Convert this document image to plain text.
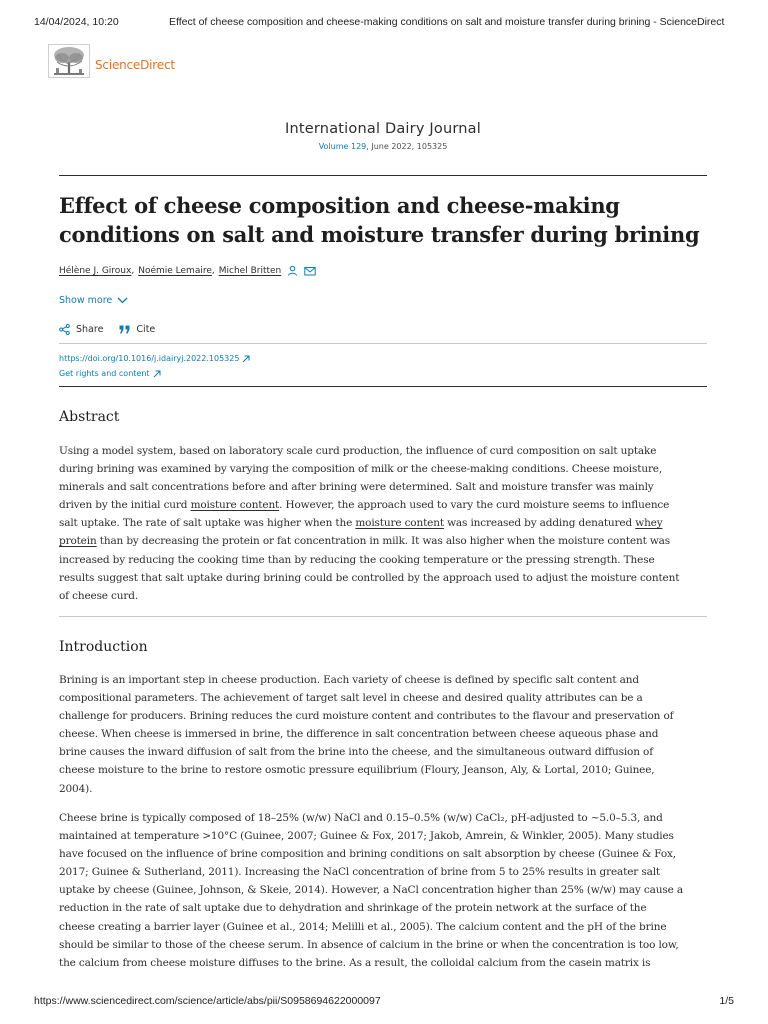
14/04/2024, 10:20	Effect of cheese composition and cheese-making conditions on salt and moisture transfer during brining - ScienceDirect
ScienceDirect
International Dairy Journal
Volume 129, June 2022, 105325
Effect of cheese composition and cheese-making
conditions on salt and moisture transfer during brining
Hélène J. Giroux , Noémie Lemaire , Michel Britten
Show more
Share	Cite
https://doi.org/10.1016/j.idairyj.2022.105325
Get rights and content
Abstract
Using a model system, based on laboratory scale curd production, the influence of curd composition on salt uptake
during brining was examined by varying the composition of milk or the cheese-making conditions. Cheese moisture,
minerals and salt concentrations before and after brining were determined. Salt and moisture transfer was mainly
driven by the initial curd moisture content. However, the approach used to vary the curd moisture seems to influence
salt uptake. The rate of salt uptake was higher when the moisture content was increased by adding denatured whey
protein than by decreasing the protein or fat concentration in milk. It was also higher when the moisture content was
increased by reducing the cooking time than by reducing the cooking temperature or the pressing strength. These
results suggest that salt uptake during brining could be controlled by the approach used to adjust the moisture content
of cheese curd.
Introduction
Brining is an important step in cheese production. Each variety of cheese is defined by specific salt content and
compositional parameters. The achievement of target salt level in cheese and desired quality attributes can be a
challenge for producers. Brining reduces the curd moisture content and contributes to the flavour and preservation of
cheese. When cheese is immersed in brine, the difference in salt concentration between cheese aqueous phase and
brine causes the inward diffusion of salt from the brine into the cheese, and the simultaneous outward diffusion of
cheese moisture to the brine to restore osmotic pressure equilibrium (Floury, Jeanson, Aly, & Lortal, 2010; Guinee,
2004).
Cheese brine is typically composed of 18–25% (w/w) NaCl and 0.15–0.5% (w/w) CaCl₂, pH-adjusted to ~5.0–5.3, and
maintained at temperature >10°C (Guinee, 2007; Guinee & Fox, 2017; Jakob, Amrein, & Winkler, 2005). Many studies
have focused on the influence of brine composition and brining conditions on salt absorption by cheese (Guinee & Fox,
2017; Guinee & Sutherland, 2011). Increasing the NaCl concentration of brine from 5 to 25% results in greater salt
uptake by cheese (Guinee, Johnson, & Skeie, 2014). However, a NaCl concentration higher than 25% (w/w) may cause a
reduction in the rate of salt uptake due to dehydration and shrinkage of the protein network at the surface of the
cheese creating a barrier layer (Guinee et al., 2014; Melilli et al., 2005). The calcium content and the pH of the brine
should be similar to those of the cheese serum. In absence of calcium in the brine or when the concentration is too low,
the calcium from cheese moisture diffuses to the brine. As a result, the colloidal calcium from the casein matrix is
https://www.sciencedirect.com/science/article/abs/pii/S0958694622000097	1/5
